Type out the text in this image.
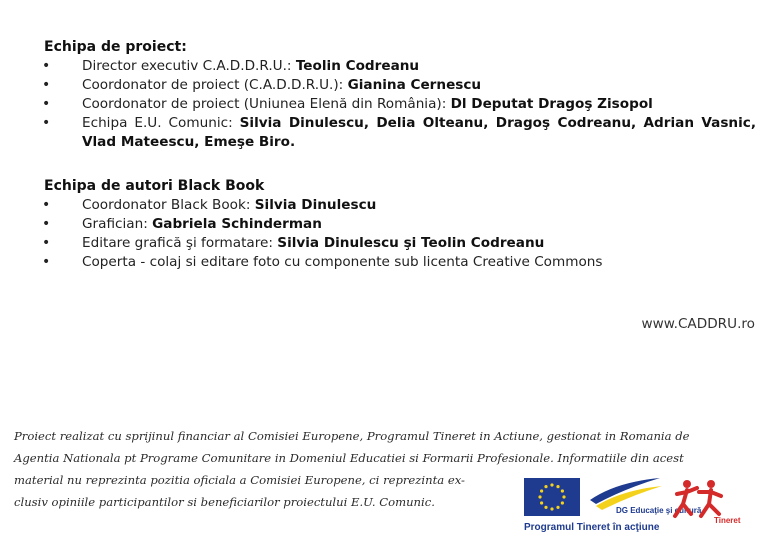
Echipa de proiect:
• Director executiv C.A.D.D.R.U.: Teolin Codreanu
• Coordonator de proiect (C.A.D.D.R.U.): Gianina Cernescu
• Coordonator de proiect (Uniunea Elenă din România): Dl Deputat Dragoş Zisopol
• Echipa E.U. Comunic: Silvia Dinulescu, Delia Olteanu, Dragoş Codreanu, Adrian Vasnic, Vlad Mateescu, Emeşe Biro.
Echipa de autori Black Book
• Coordonator Black Book: Silvia Dinulescu
• Grafician: Gabriela Schinderman
• Editare grafică şi formatare: Silvia Dinulescu şi Teolin Codreanu
• Coperta - colaj si editare foto cu componente sub licenta Creative Commons
www.CADDRU.ro
Proiect realizat cu sprijinul financiar al Comisiei Europene, Programul Tineret in Actiune, gestionat in Romania de
Agentia Nationala pt Programe Comunitare in Domeniul Educatiei si Formarii Profesionale. Informatiile din acest
material nu reprezinta pozitia oficiala a Comisiei Europene, ci reprezinta ex-
clusiv opiniile participantilor si beneficiarilor proiectului E.U. Comunic.
DG Educaţie şi cultură
Programul Tineret în acţiune
Tineret
